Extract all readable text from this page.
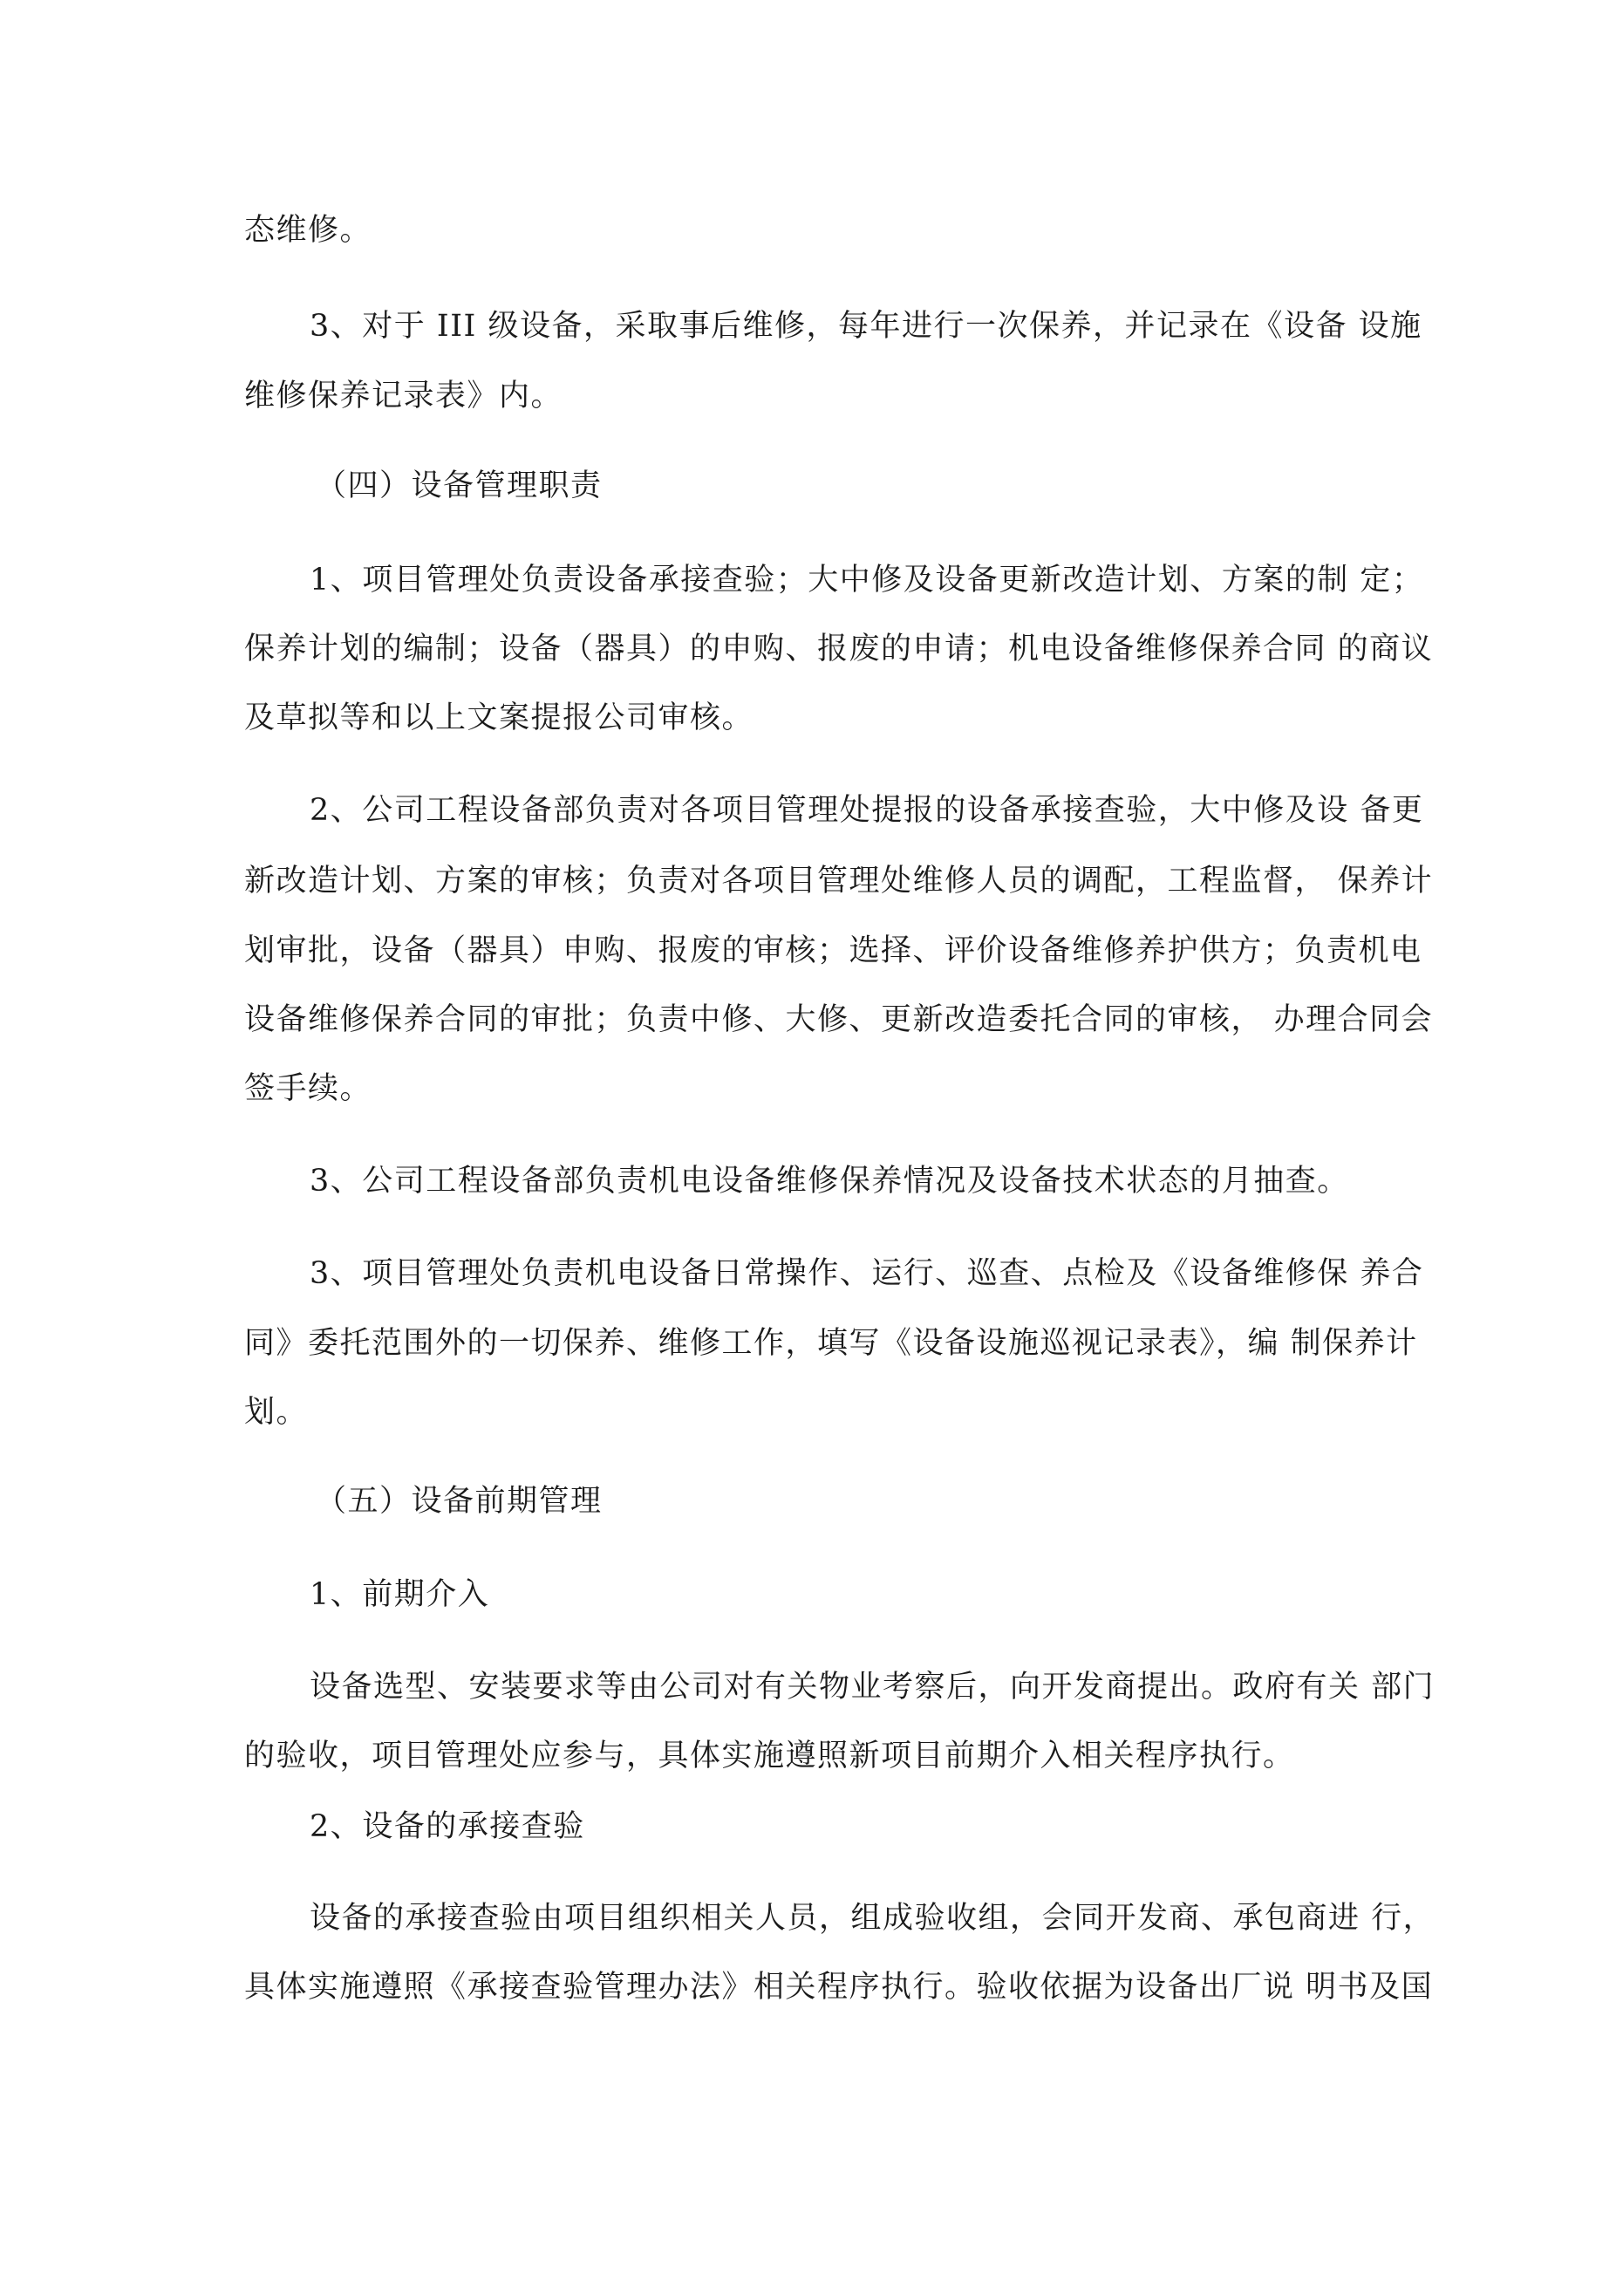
态维修。
3、对于 III 级设备，采取事后维修，每年进行一次保养，并记录在《设备 设施
维修保养记录表》内。
（四）设备管理职责
1、项目管理处负责设备承接查验；大中修及设备更新改造计划、方案的制 定；
保养计划的编制；设备（器具）的申购、报废的申请；机电设备维修保养合同 的商议
及草拟等和以上文案提报公司审核。
2、公司工程设备部负责对各项目管理处提报的设备承接查验，大中修及设 备更
新改造计划、方案的审核；负责对各项目管理处维修人员的调配，工程监督， 保养计
划审批，设备（器具）申购、报废的审核；选择、评价设备维修养护供方；负责机电
设备维修保养合同的审批；负责中修、大修、更新改造委托合同的审核， 办理合同会
签手续。
3、公司工程设备部负责机电设备维修保养情况及设备技术状态的月抽查。
3、项目管理处负责机电设备日常操作、运行、巡查、点检及《设备维修保 养合
同》委托范围外的一切保养、维修工作，填写《设备设施巡视记录表》，编 制保养计
划。
（五）设备前期管理
1、前期介入
设备选型、安装要求等由公司对有关物业考察后，向开发商提出。政府有关 部门
的验收，项目管理处应参与，具体实施遵照新项目前期介入相关程序执行。
2、设备的承接查验
设备的承接查验由项目组织相关人员，组成验收组，会同开发商、承包商进 行，
具体实施遵照《承接查验管理办法》相关程序执行。验收依据为设备出厂说 明书及国
